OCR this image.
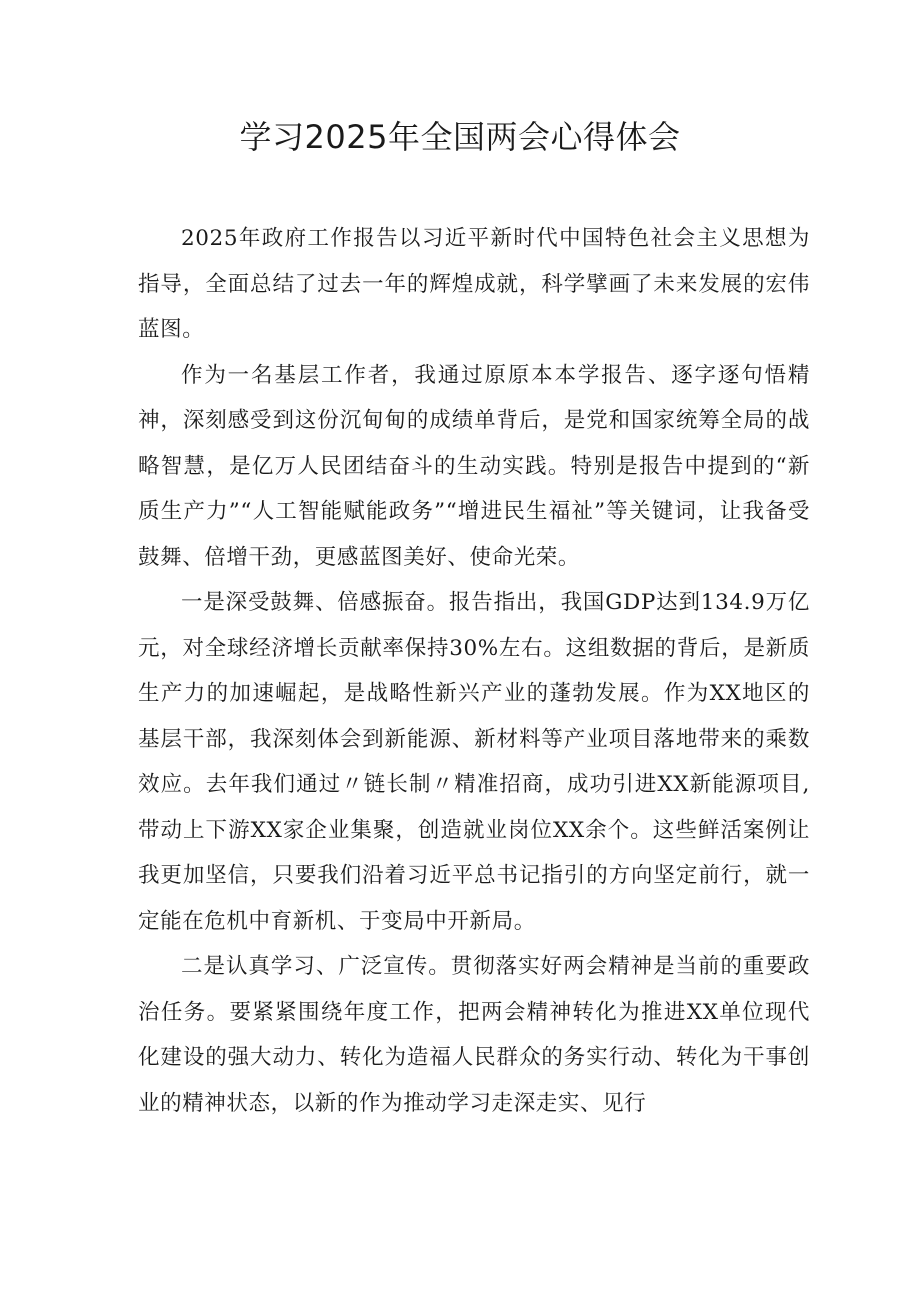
学习2025年全国两会心得体会

2025年政府工作报告以习近平新时代中国特色社会主义思想为指导，全面总结了过去一年的辉煌成就，科学擘画了未来发展的宏伟蓝图。

作为一名基层工作者，我通过原原本本学报告、逐字逐句悟精神，深刻感受到这份沉甸甸的成绩单背后，是党和国家统筹全局的战略智慧，是亿万人民团结奋斗的生动实践。特别是报告中提到的“新质生产力”“人工智能赋能政务”“增进民生福祉”等关键词，让我备受鼓舞、倍增干劲，更感蓝图美好、使命光荣。

一是深受鼓舞、倍感振奋。报告指出，我国GDP达到134.9万亿元，对全球经济增长贡献率保持30%左右。这组数据的背后，是新质生产力的加速崛起，是战略性新兴产业的蓬勃发展。作为XX地区的基层干部，我深刻体会到新能源、新材料等产业项目落地带来的乘数效应。去年我们通过〃链长制〃精准招商，成功引进XX新能源项目,带动上下游XX家企业集聚，创造就业岗位XX余个。这些鲜活案例让我更加坚信，只要我们沿着习近平总书记指引的方向坚定前行，就一定能在危机中育新机、于变局中开新局。

二是认真学习、广泛宣传。贯彻落实好两会精神是当前的重要政治任务。要紧紧围绕年度工作，把两会精神转化为推进XX单位现代化建设的强大动力、转化为造福人民群众的务实行动、转化为干事创业的精神状态，以新的作为推动学习走深走实、见行
